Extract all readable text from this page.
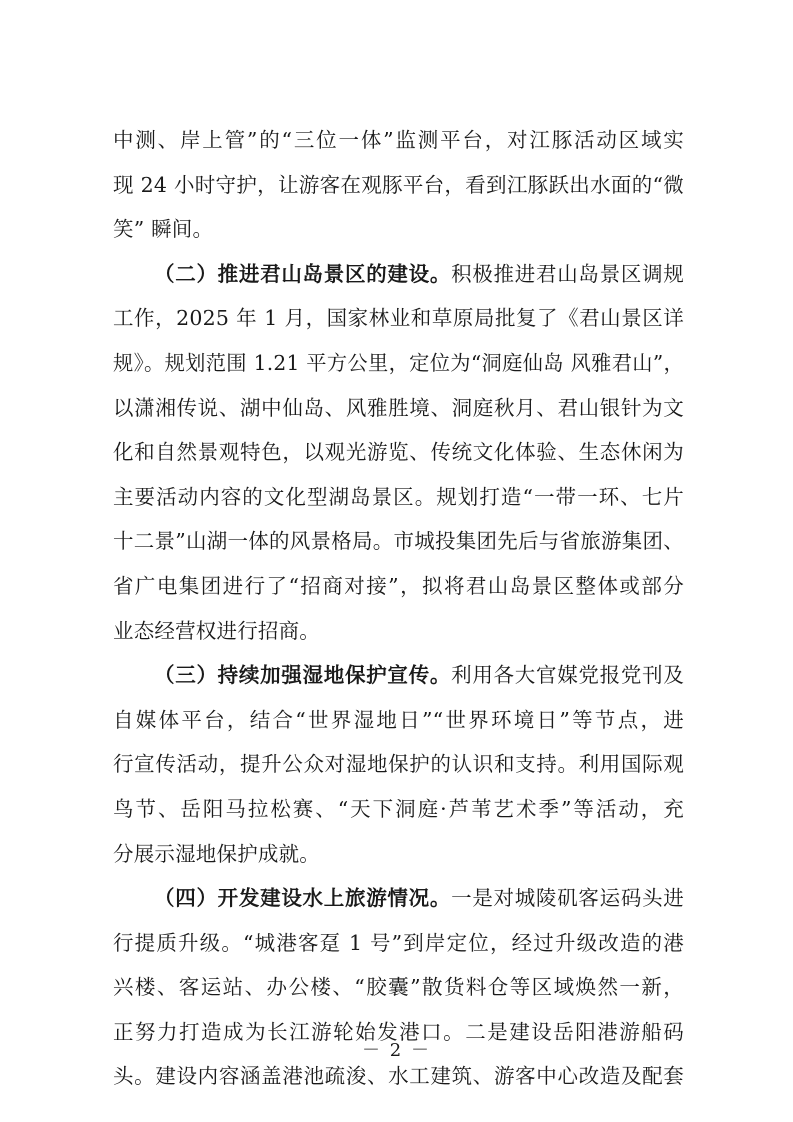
中测、岸上管”的“三位一体”监测平台，对江豚活动区域实
现 24 小时守护，让游客在观豚平台，看到江豚跃出水面的“微
笑” 瞬间。
（二）推进君山岛景区的建设。积极推进君山岛景区调规
工作，2025 年 1 月，国家林业和草原局批复了《君山景区详
规》。规划范围 1.21 平方公里，定位为“洞庭仙岛 风雅君山”，
以潇湘传说、湖中仙岛、风雅胜境、洞庭秋月、君山银针为文
化和自然景观特色，以观光游览、传统文化体验、生态休闲为
主要活动内容的文化型湖岛景区。规划打造“一带一环、七片
十二景”山湖一体的风景格局。市城投集团先后与省旅游集团、
省广电集团进行了“招商对接”，拟将君山岛景区整体或部分
业态经营权进行招商。
（三）持续加强湿地保护宣传。利用各大官媒党报党刊及
自媒体平台，结合“世界湿地日”“世界环境日”等节点，进
行宣传活动，提升公众对湿地保护的认识和支持。利用国际观
鸟节、岳阳马拉松赛、“天下洞庭·芦苇艺术季”等活动，充
分展示湿地保护成就。
（四）开发建设水上旅游情况。一是对城陵矶客运码头进
行提质升级。“城港客趸 1 号”到岸定位，经过升级改造的港
兴楼、客运站、办公楼、“胶囊”散货料仓等区域焕然一新，
正努力打造成为长江游轮始发港口。二是建设岳阳港游船码
头。建设内容涵盖港池疏浚、水工建筑、游客中心改造及配套
－ 2 －
